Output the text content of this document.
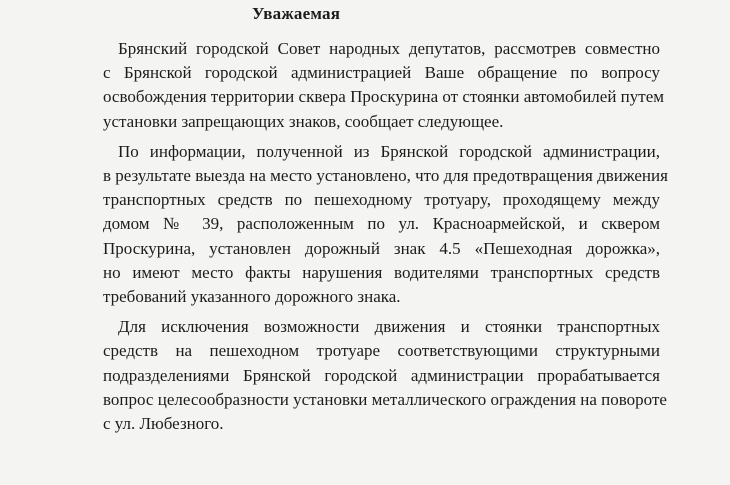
Уважаемая
Брянский городской Совет народных депутатов, рассмотрев совместно
с Брянской городской администрацией Ваше обращение по вопросу
освобождения территории сквера Проскурина от стоянки автомобилей путем
установки запрещающих знаков, сообщает следующее.
По информации, полученной из Брянской городской администрации,
в результате выезда на место установлено, что для предотвращения движения
транспортных средств по пешеходному тротуару, проходящему между
домом № 39, расположенным по ул. Красноармейской, и сквером
Проскурина, установлен дорожный знак 4.5 «Пешеходная дорожка»,
но имеют место факты нарушения водителями транспортных средств
требований указанного дорожного знака.
Для исключения возможности движения и стоянки транспортных
средств на пешеходном тротуаре соответствующими структурными
подразделениями Брянской городской администрации прорабатывается
вопрос целесообразности установки металлического ограждения на повороте
с ул. Любезного.
